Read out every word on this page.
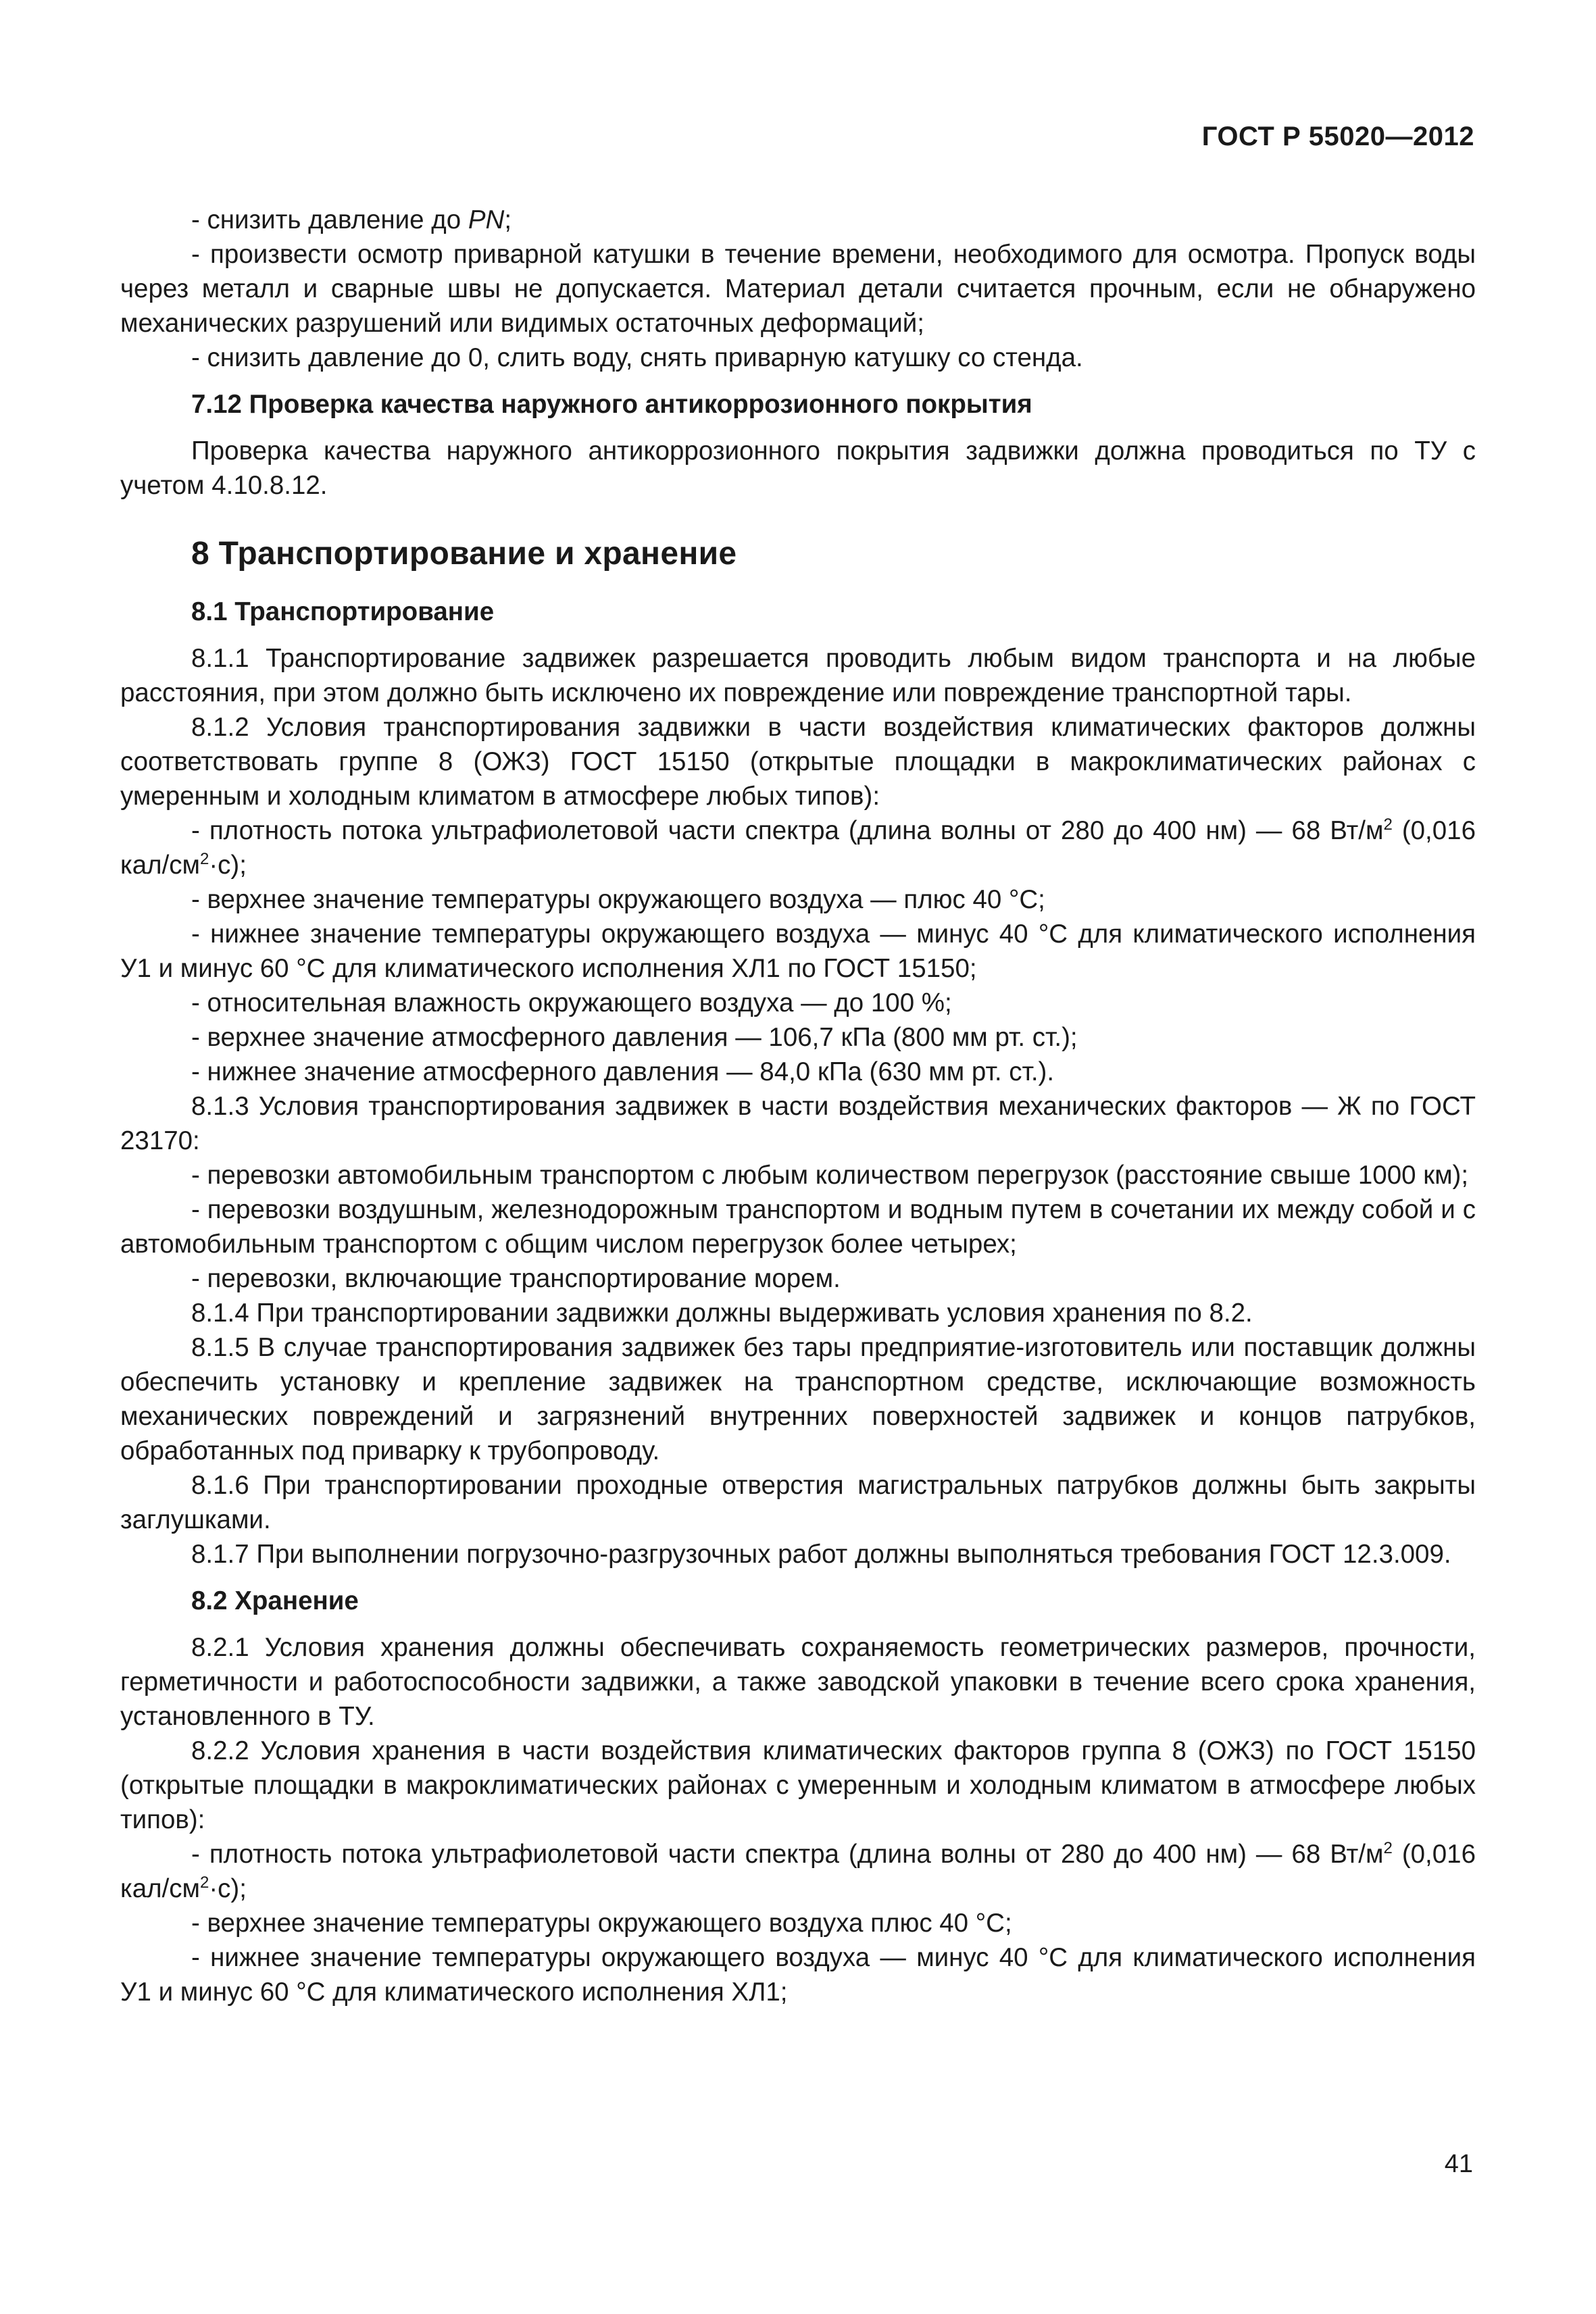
ГОСТ Р 55020—2012

- снизить давление до PN;

- произвести осмотр приварной катушки в течение времени, необходимого для осмотра. Пропуск воды через металл и сварные швы не допускается. Материал детали считается прочным, если не обнаружено механических разрушений или видимых остаточных деформаций;

- снизить давление до 0, слить воду, снять приварную катушку со стенда.

7.12 Проверка качества наружного антикоррозионного покрытия

Проверка качества наружного антикоррозионного покрытия задвижки должна проводиться по ТУ с учетом 4.10.8.12.

8 Транспортирование и хранение
8.1 Транспортирование

8.1.1 Транспортирование задвижек разрешается проводить любым видом транспорта и на любые расстояния, при этом должно быть исключено их повреждение или повреждение транспортной тары.

8.1.2 Условия транспортирования задвижки в части воздействия климатических факторов должны соответствовать группе 8 (ОЖЗ) ГОСТ 15150 (открытые площадки в макроклиматических районах с умеренным и холодным климатом в атмосфере любых типов):

- плотность потока ультрафиолетовой части спектра (длина волны от 280 до 400 нм) — 68 $Вт/м^2$ (0,016 кал/$см^2\cdot с$);

- верхнее значение температуры окружающего воздуха — плюс 40 °С;

- нижнее значение температуры окружающего воздуха — минус 40 °С для климатического исполнения У1 и минус 60 °С для климатического исполнения ХЛ1 по ГОСТ 15150;

- относительная влажность окружающего воздуха — до 100 %;

- верхнее значение атмосферного давления — 106,7 кПа (800 мм рт. ст.);

- нижнее значение атмосферного давления — 84,0 кПа (630 мм рт. ст.).

8.1.3 Условия транспортирования задвижек в части воздействия механических факторов — Ж по ГОСТ 23170:

- перевозки автомобильным транспортом с любым количеством перегрузок (расстояние свыше 1000 км);

- перевозки воздушным, железнодорожным транспортом и водным путем в сочетании их между собой и с автомобильным транспортом с общим числом перегрузок более четырех;

- перевозки, включающие транспортирование морем.

8.1.4 При транспортировании задвижки должны выдерживать условия хранения по 8.2.

8.1.5 В случае транспортирования задвижек без тары предприятие-изготовитель или поставщик должны обеспечить установку и крепление задвижек на транспортном средстве, исключающие возможность механических повреждений и загрязнений внутренних поверхностей задвижек и концов патрубков, обработанных под приварку к трубопроводу.

8.1.6 При транспортировании проходные отверстия магистральных патрубков должны быть закрыты заглушками.

8.1.7 При выполнении погрузочно-разгрузочных работ должны выполняться требования ГОСТ 12.3.009.

8.2 Хранение

8.2.1 Условия хранения должны обеспечивать сохраняемость геометрических размеров, прочности, герметичности и работоспособности задвижки, а также заводской упаковки в течение всего срока хранения, установленного в ТУ.

8.2.2 Условия хранения в части воздействия климатических факторов группа 8 (ОЖЗ) по ГОСТ 15150 (открытые площадки в макроклиматических районах с умеренным и холодным климатом в атмосфере любых типов):

- плотность потока ультрафиолетовой части спектра (длина волны от 280 до 400 нм) — 68 $Вт/м^2$ (0,016 кал/$см^2\cdot с$);

- верхнее значение температуры окружающего воздуха плюс 40 °С;

- нижнее значение температуры окружающего воздуха — минус 40 °С для климатического исполнения У1 и минус 60 °С для климатического исполнения ХЛ1;

41
